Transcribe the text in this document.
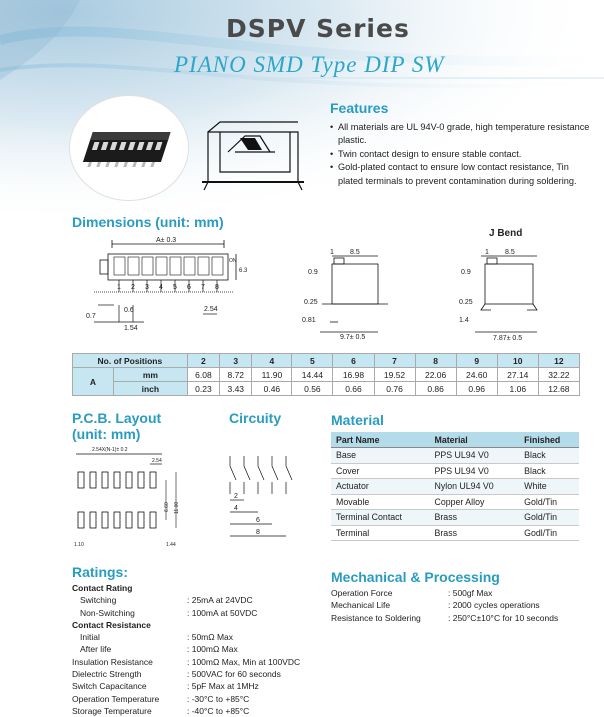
DSPV Series
PIANO SMD Type DIP SW
Features
• All materials are UL 94V-0 grade, high temperature resistance plastic.
• Twin contact design to ensure stable contact.
• Gold-plated contact to ensure low contact resistance, Tin plated terminals to prevent contamination during soldering.
Dimensions (unit: mm)
J Bend
A± 0.3
ON
6.3
1 2 3 4 5 6 7 8
0.7
0.6	2.54
1.54
1 8.5
0.9
0.25
0.81
9.7± 0.5
1 8.5
0.9
0.25
1.4
7.87± 0.5
No. of Positions		2	3	4	5	6	7	8	9	10	12
A	mm	6.08	8.72	11.90	14.44	16.98	19.52	22.06	24.60	27.14	32.22
	inch	0.23	3.43	0.46	0.56	0.66	0.76	0.86	0.96	1.06	12.68
P.C.B. Layout
(unit: mm)
2.54X(N-1)± 0.2
2.54
6.60 11.00
1.10	1.44
Circuity
2
4
6
8
Material
Part Name	Material	Finished
Base	PPS UL94 V0	Black
Cover	PPS UL94 V0	Black
Actuator	Nylon UL94 V0	White
Movable	Copper Alloy	Gold/Tin
Terminal Contact	Brass	Gold/Tin
Terminal	Brass	Godl/Tin
Ratings:
Contact Rating
Switching	: 25mA at 24VDC
Non-Switching	: 100mA at 50VDC
Contact Resistance
Initial	: 50mΩ Max
After life	: 100mΩ Max
Insulation Resistance	: 100mΩ Max, Min at 100VDC
Dielectric Strength	: 500VAC for 60 seconds
Switch Capacitance	: 5pF Max at 1MHz
Operation Temperature	: -30°C to +85°C
Storage Temperature	: -40°C to +85°C
Mechanical & Processing
Operation Force	: 500gf Max
Mechanical Life	: 2000 cycles operations
Resistance to Soldering	: 250°C±10°C for 10 seconds
